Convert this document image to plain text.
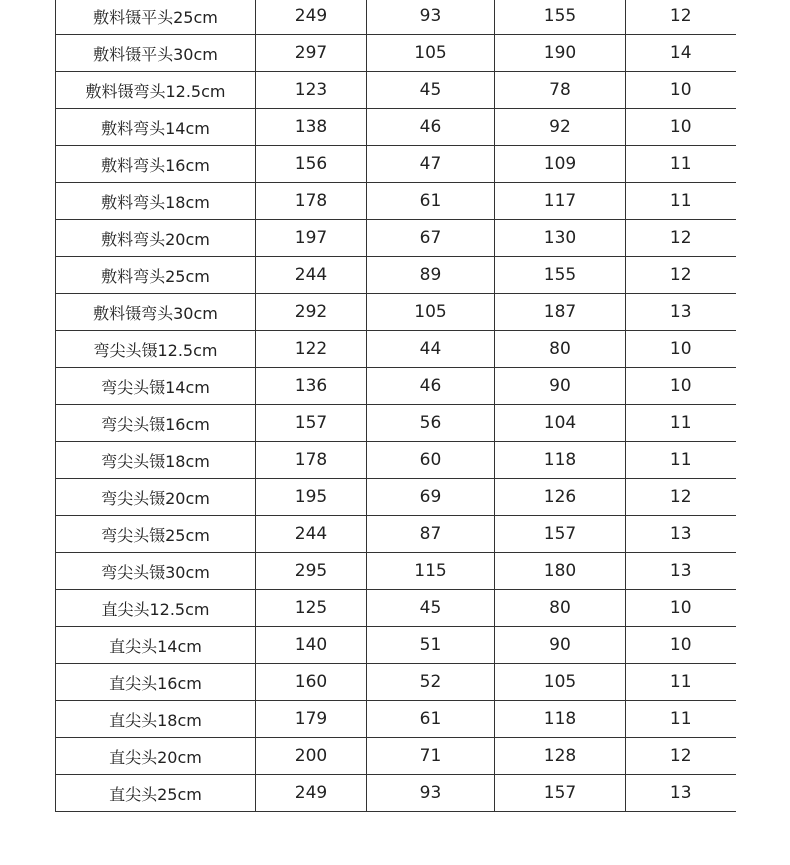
敷料镊平头25cm	249	93	155	12
敷料镊平头30cm	297	105	190	14
敷料镊弯头12.5cm	123	45	78	10
敷料弯头14cm	138	46	92	10
敷料弯头16cm	156	47	109	11
敷料弯头18cm	178	61	117	11
敷料弯头20cm	197	67	130	12
敷料弯头25cm	244	89	155	12
敷料镊弯头30cm	292	105	187	13
弯尖头镊12.5cm	122	44	80	10
弯尖头镊14cm	136	46	90	10
弯尖头镊16cm	157	56	104	11
弯尖头镊18cm	178	60	118	11
弯尖头镊20cm	195	69	126	12
弯尖头镊25cm	244	87	157	13
弯尖头镊30cm	295	115	180	13
直尖头12.5cm	125	45	80	10
直尖头14cm	140	51	90	10
直尖头16cm	160	52	105	11
直尖头18cm	179	61	118	11
直尖头20cm	200	71	128	12
直尖头25cm	249	93	157	13
